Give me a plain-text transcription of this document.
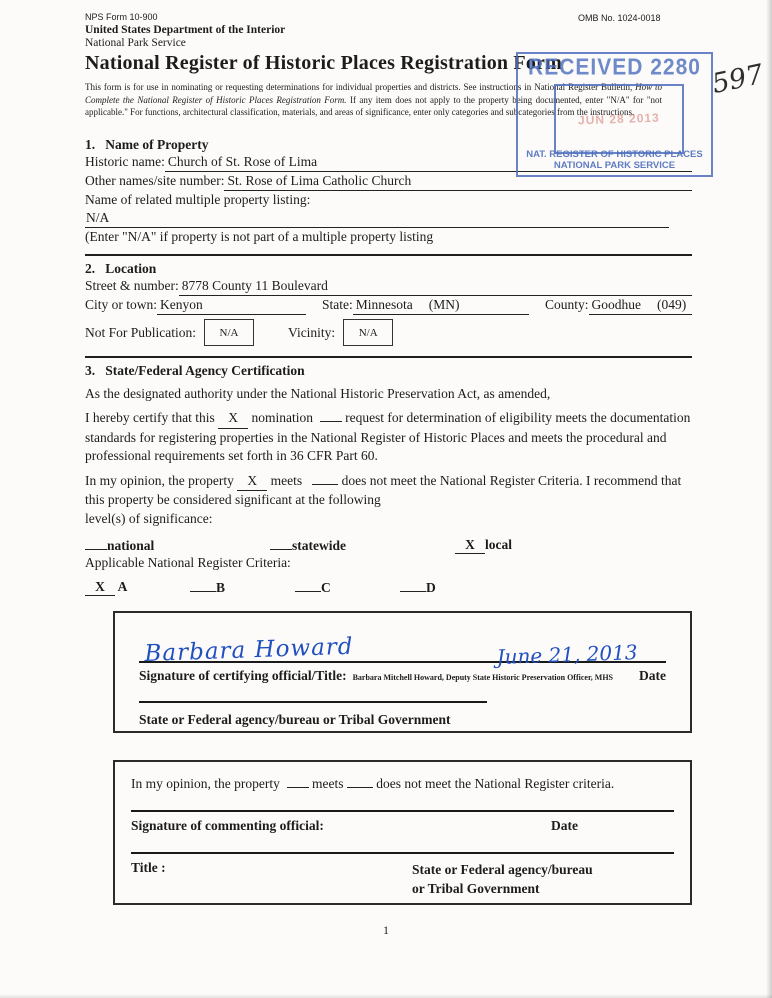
OMB No. 1024-0018
NPS Form 10-900
United States Department of the Interior
National Park Service
National Register of Historic Places Registration Form
This form is for use in nominating or requesting determinations for individual properties and districts. See instructions in National Register Bulletin, How to Complete the National Register of Historic Places Registration Form. If any item does not apply to the property being documented, enter "N/A" for "not applicable." For functions, architectural classification, materials, and areas of significance, enter only categories and subcategories from the instructions.
1.   Name of Property
Historic name: Church of St. Rose of Lima
Other names/site number: St. Rose of Lima Catholic Church
Name of related multiple property listing:
N/A
(Enter "N/A" if property is not part of a multiple property listing
2.   Location
Street & number: 8778 County 11 Boulevard
City or town: Kenyon	State: Minnesota (MN)	County: Goodhue (049)
Not For Publication:	N/A	Vicinity:	N/A
3.   State/Federal Agency Certification
As the designated authority under the National Historic Preservation Act, as amended,
I hereby certify that this X nomination request for determination of eligibility meets the documentation standards for registering properties in the National Register of Historic Places and meets the procedural and professional requirements set forth in 36 CFR Part 60.
In my opinion, the property X meets	does not meet the National Register Criteria. I recommend that this property be considered significant at the following
level(s) of significance:
national	statewide	X local
Applicable National Register Criteria:
X A	B	C	D
Barbara Howard	June 21, 2013
Signature of certifying official/Title: Barbara Mitchell Howard, Deputy State Historic Preservation Officer, MHS Date
State or Federal agency/bureau or Tribal Government
In my opinion, the property meets does not meet the National Register criteria.
Signature of commenting official:	Date
Title :	State or Federal agency/bureau
or Tribal Government
RECEIVED 2280
JUN 28 2013
NAT. REGISTER OF HISTORIC PLACES
NATIONAL PARK SERVICE
597
1
